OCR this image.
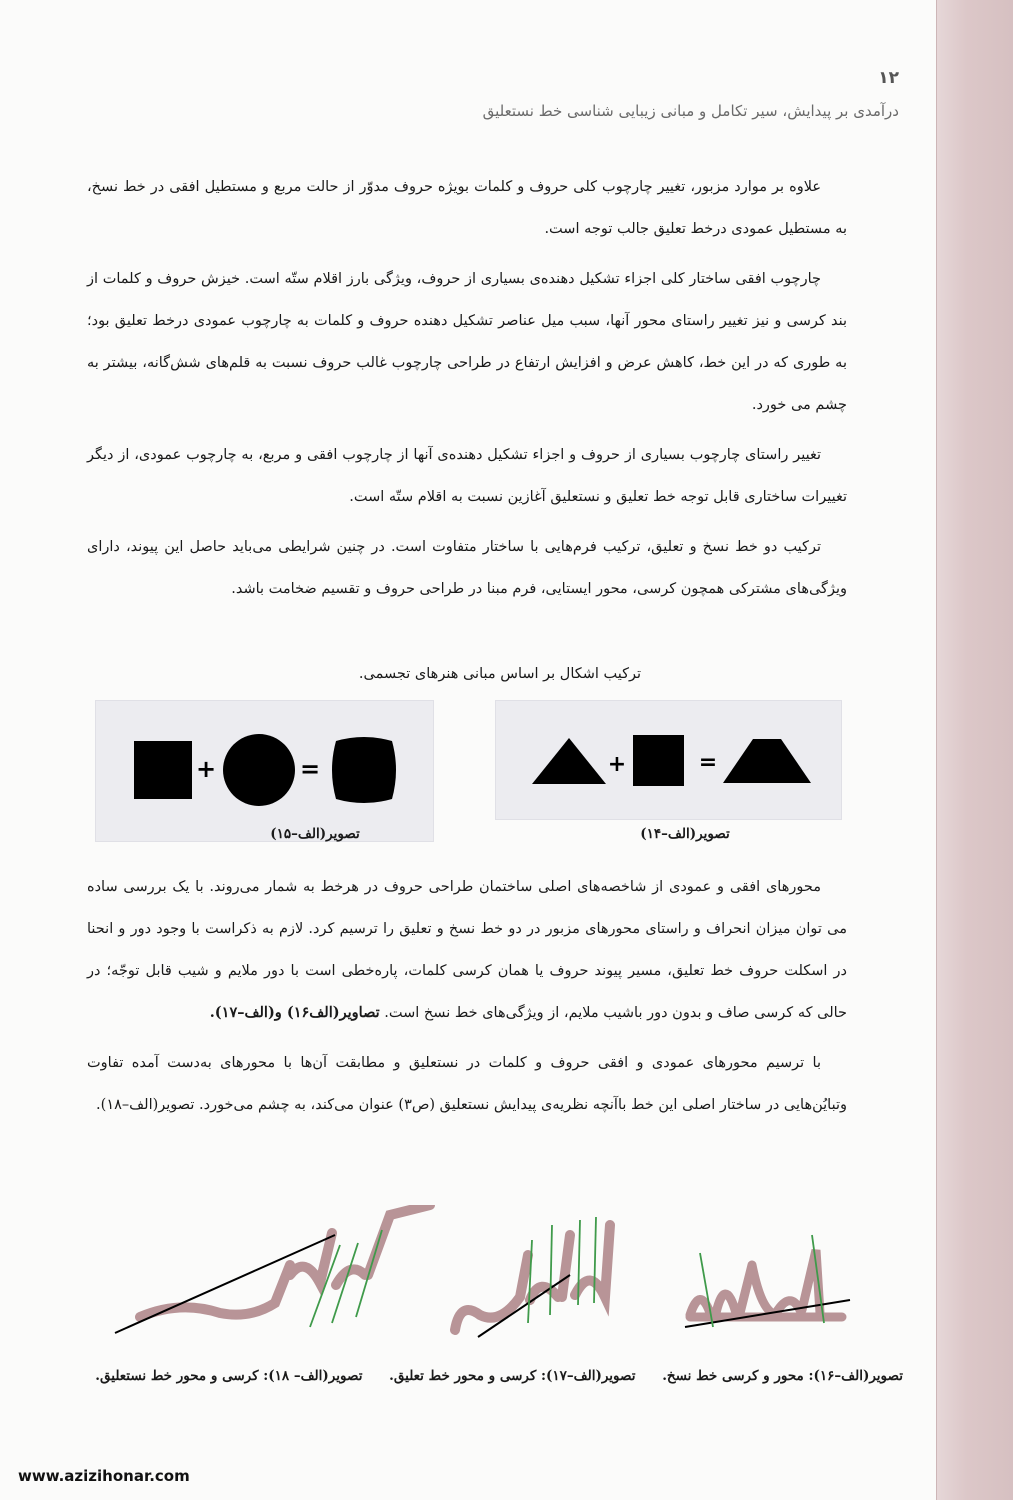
۱۲
درآمدی بر پیدایش، سیر تکامل و مبانی زیبایی شناسی خط نستعلیق

علاوه بر موارد مزبور، تغییر چارچوب کلی حروف و کلمات بویژه حروف مدوّر از حالت مربع و مستطیل افقی در خط نسخ، به مستطیل عمودی درخط تعلیق جالب توجه است.

چارچوب افقی ساختار کلی اجزاء تشکیل دهنده‌ی بسیاری از حروف، ویژگی بارز اقلام ستّه است. خیزش حروف و کلمات از بند کرسی و نیز تغییر راستای محور آنها، سبب میل عناصر تشکیل دهنده حروف و کلمات به چارچوب عمودی درخط تعلیق بود؛ به طوری که در این خط، کاهش عرض و افزایش ارتفاع در طراحی چارچوب غالب حروف نسبت به قلم‌های شش‌گانه، بیشتر به چشم می خورد.

تغییر راستای چارچوب بسیاری از حروف و اجزاء تشکیل دهنده‌ی آنها از چارچوب افقی و مربع، به چارچوب عمودی، از دیگر تغییرات ساختاری قابل توجه خط تعلیق و نستعلیق آغازین نسبت به اقلام ستّه است.

ترکیب دو خط نسخ و تعلیق، ترکیب فرم‌هایی با ساختار متفاوت است. در چنین شرایطی می‌باید حاصل این پیوند، دارای ویژگی‌های مشترکی همچون کرسی، محور ایستایی، فرم مبنا در طراحی حروف و تقسیم ضخامت باشد.

ترکیب اشکال بر اساس مبانی هنرهای تجسمی.
+	=	+	=
تصویر(الف–۱۵)	تصویر(الف–۱۴)

محورهای افقی و عمودی از شاخصه‌های اصلی ساختمان طراحی حروف در هرخط به شمار می‌روند. با یک بررسی ساده می توان میزان انحراف و راستای محورهای مزبور در دو خط نسخ و تعلیق را ترسیم کرد. لازم به ذکراست با وجود دور و انحنا در اسکلت حروف خط تعلیق، مسیر پیوند حروف یا همان کرسی کلمات، پاره‌خطی است با دور ملایم و شیب قابل توجّه؛ در حالی که کرسی صاف و بدون دور باشیب ملایم، از ویژگی‌های خط نسخ است. تصاویر(الف۱۶) و(الف–۱۷).

با ترسیم محورهای عمودی و افقی حروف و کلمات در نستعلیق و مطابقت آن‌ها با محورهای به‌دست آمده تفاوت وتبایُن‌هایی در ساختار اصلی این خط باآنچه نظریه‌ی پیدایش نستعلیق (ص۳) عنوان می‌کند، به چشم می‌خورد. تصویر(الف–۱۸).

تصویر(الف–۱۶): محور و کرسی خط نسخ. تصویر(الف–۱۷): کرسی و محور خط تعلیق. تصویر(الف– ۱۸): کرسی و محور خط نستعلیق.
www.azizihonar.com
